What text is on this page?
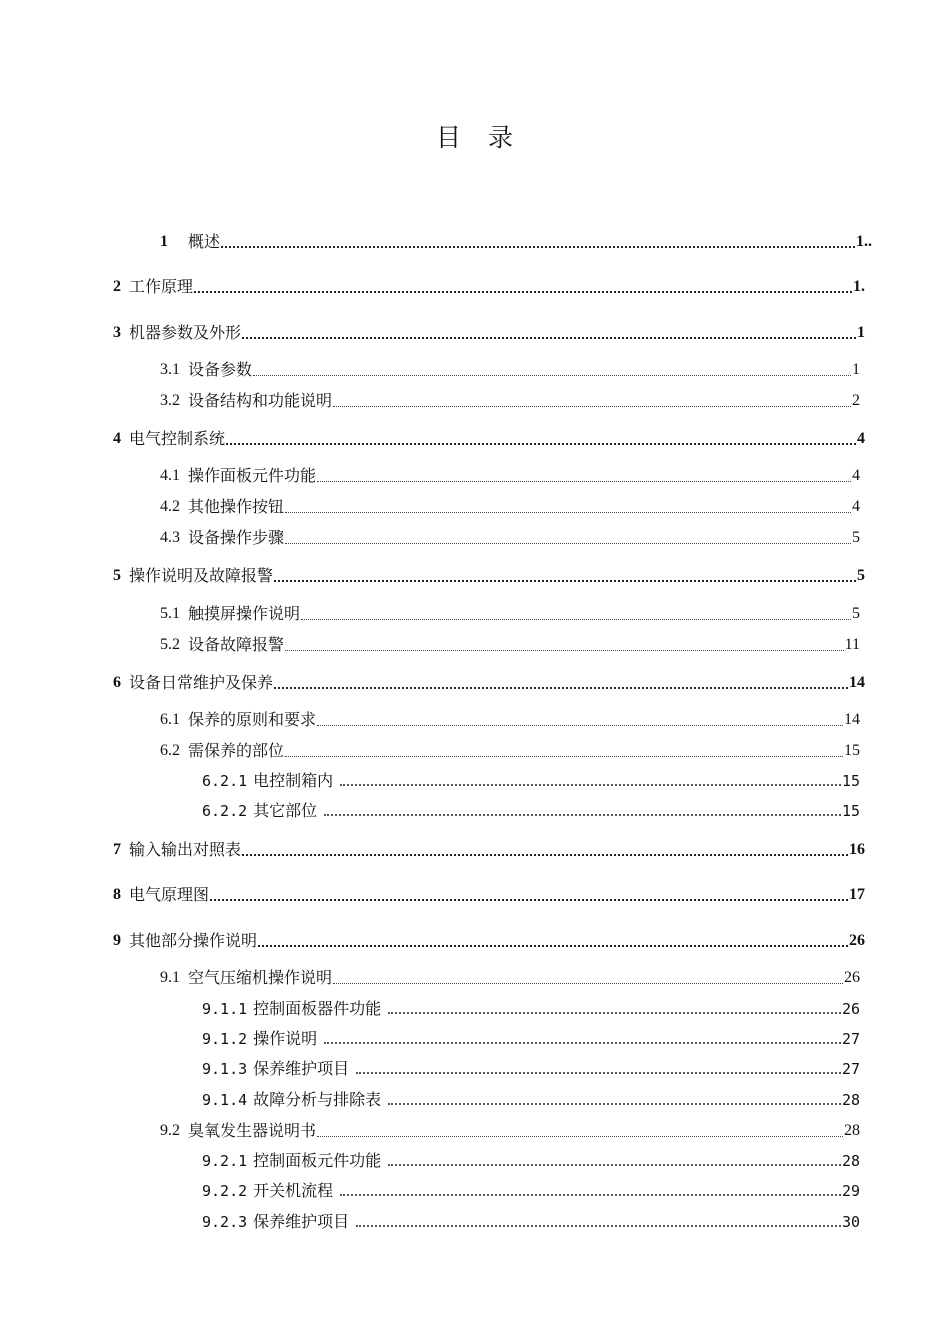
目 录
1 概述	1..
2 工作原理	1.
3 机器参数及外形	1
3.1 设备参数	1
3.2 设备结构和功能说明	2
4 电气控制系统	4
4.1 操作面板元件功能	4
4.2 其他操作按钮	4
4.3 设备操作步骤	5
5 操作说明及故障报警	5
5.1 触摸屏操作说明	5
5.2 设备故障报警	11
6 设备日常维护及保养	14
6.1 保养的原则和要求	14
6.2 需保养的部位	15
6.2.1 电控制箱内	15
6.2.2 其它部位	15
7 输入输出对照表	16
8 电气原理图	17
9 其他部分操作说明	26
9.1 空气压缩机操作说明	26
9.1.1 控制面板器件功能	26
9.1.2 操作说明	27
9.1.3 保养维护项目	27
9.1.4 故障分析与排除表	28
9.2 臭氧发生器说明书	28
9.2.1 控制面板元件功能	28
9.2.2 开关机流程	29
9.2.3 保养维护项目	30
